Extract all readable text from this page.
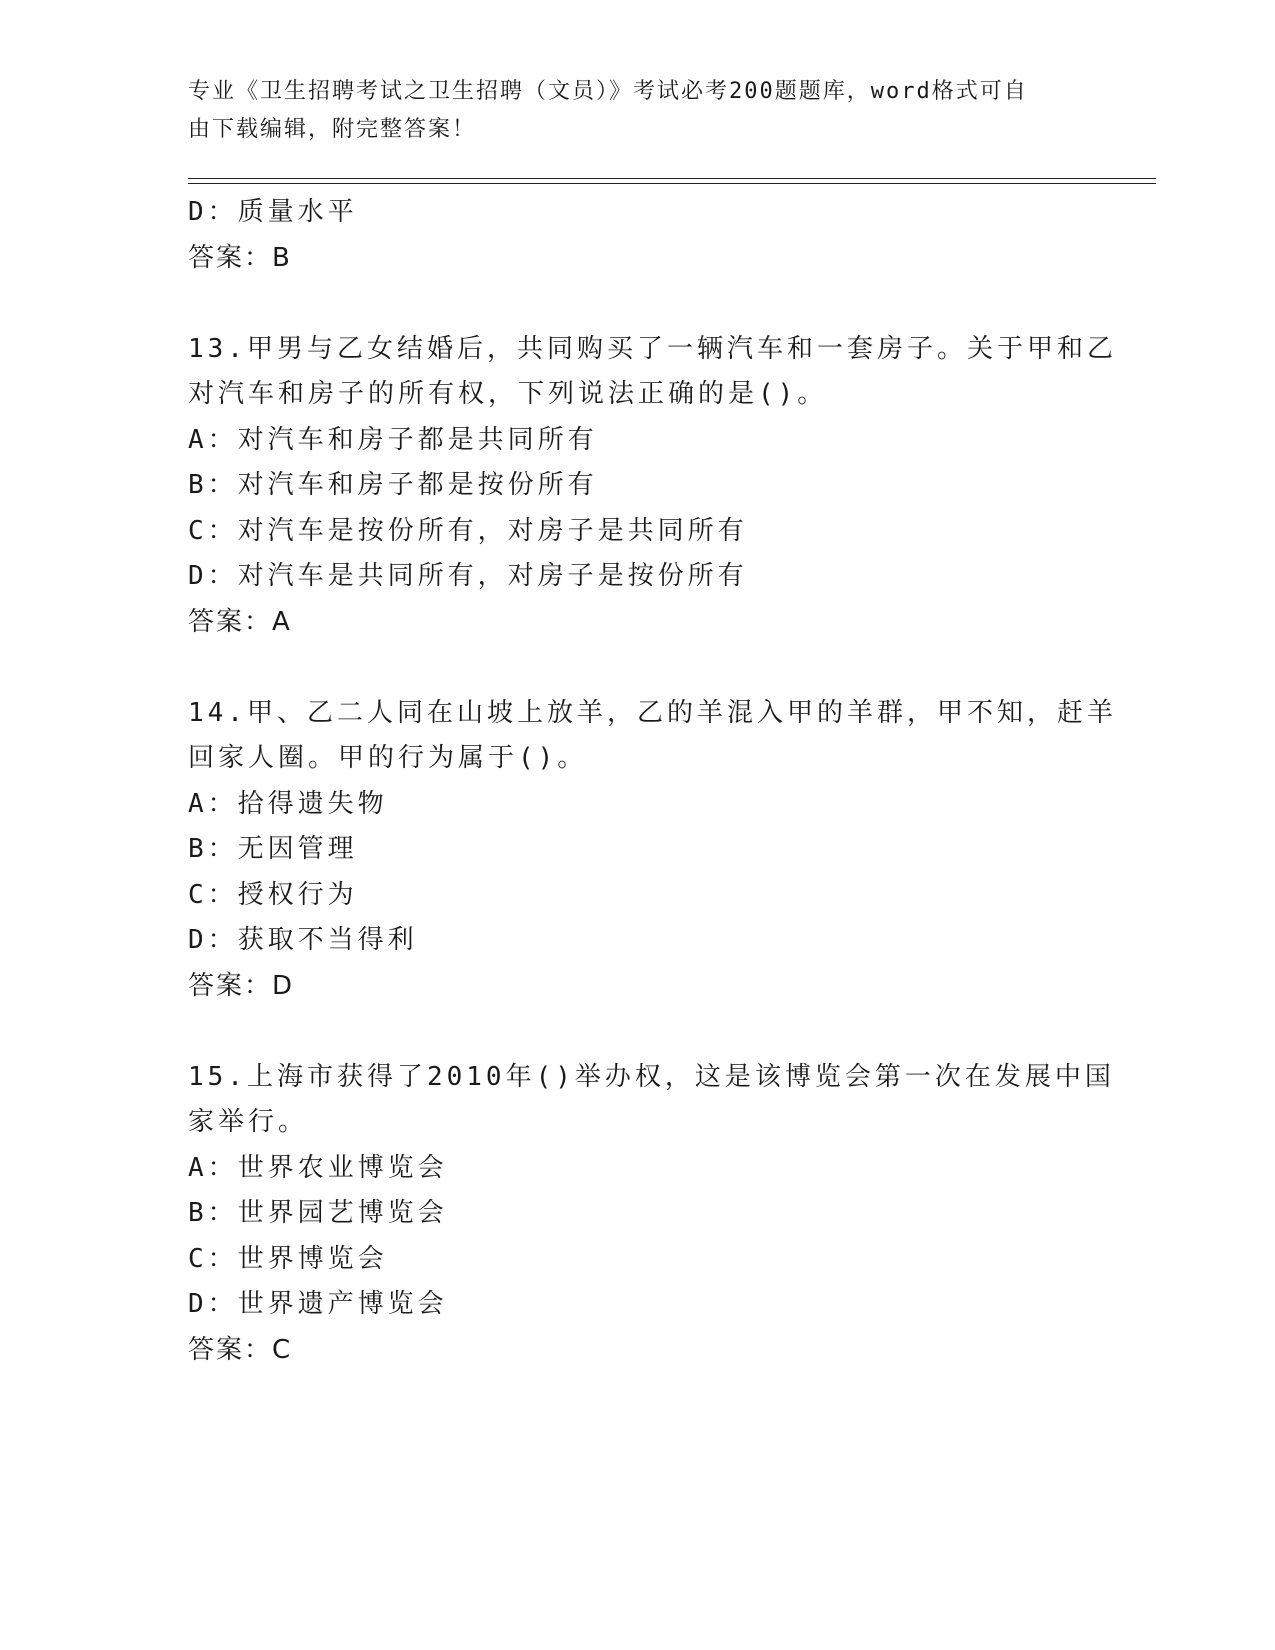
专业《卫生招聘考试之卫生招聘（文员）》考试必考200题题库，word格式可自
由下载编辑，附完整答案！
D：质量水平
答案：B
13.甲男与乙女结婚后，共同购买了一辆汽车和一套房子。关于甲和乙
对汽车和房子的所有权，下列说法正确的是()。
A：对汽车和房子都是共同所有
B：对汽车和房子都是按份所有
C：对汽车是按份所有，对房子是共同所有
D：对汽车是共同所有，对房子是按份所有
答案：A
14.甲、乙二人同在山坡上放羊，乙的羊混入甲的羊群，甲不知，赶羊
回家人圈。甲的行为属于()。
A：拾得遗失物
B：无因管理
C：授权行为
D：获取不当得利
答案：D
15.上海市获得了2010年()举办权，这是该博览会第一次在发展中国
家举行。
A：世界农业博览会
B：世界园艺博览会
C：世界博览会
D：世界遗产博览会
答案：C
